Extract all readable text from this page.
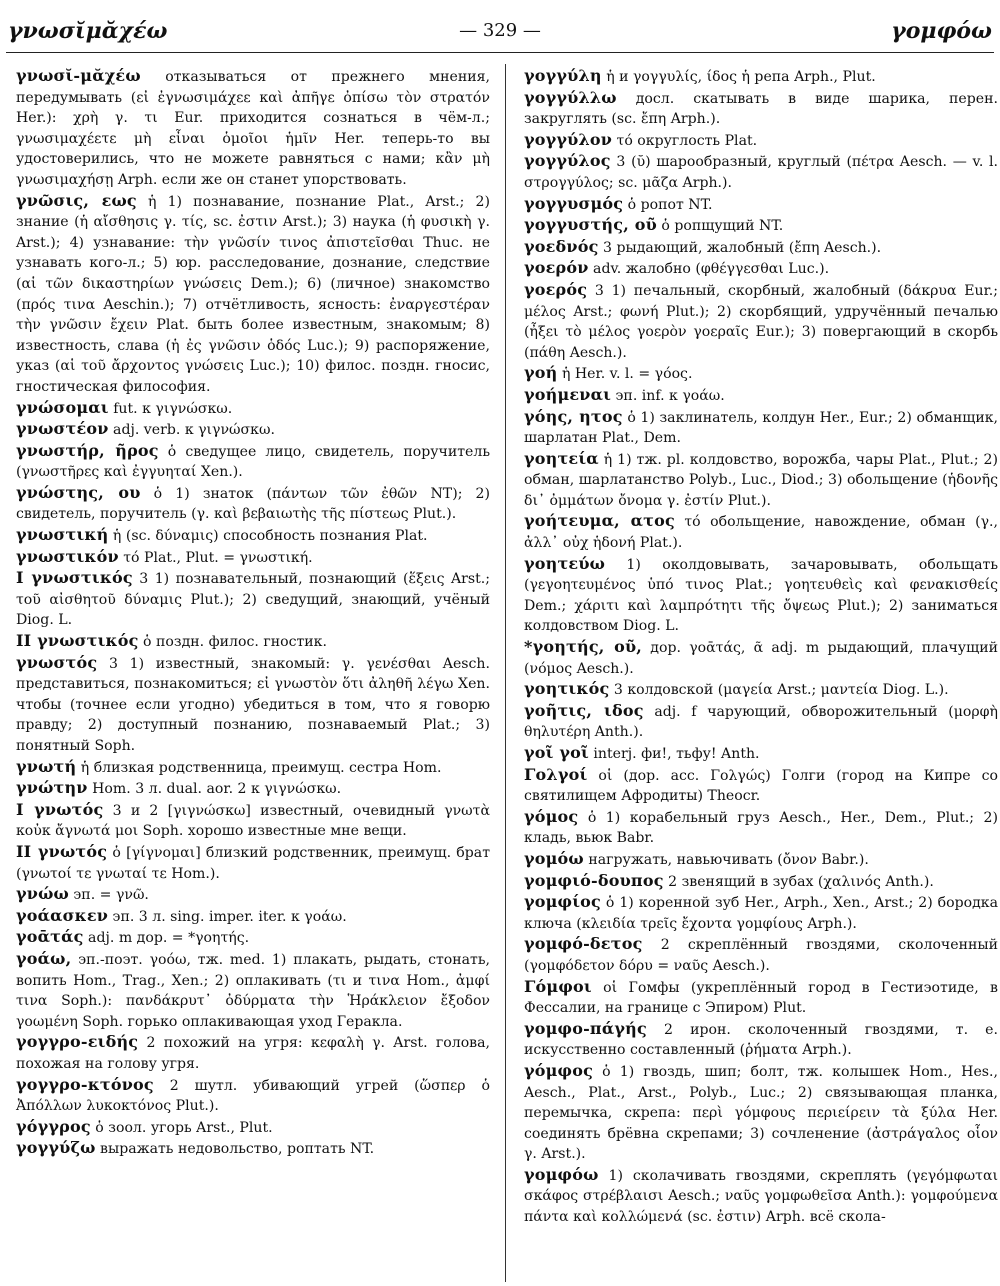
γνωσῐμᾰχέω	— 329 —	γομφόω

γνωσῐ-μᾰχέω отказываться от прежнего мнения, передумывать (εἰ ἐγνωσιμάχεε καὶ ἀπῆγε ὀπίσω τὸν στρατόν Her.): χρὴ γ. τι Eur. приходится сознаться в чём-л.; γνωσιμαχέετε μὴ εἶναι ὁμοῖοι ἡμῖν Her. теперь-то вы удостоверились, что не можете равняться с нами; κἂν μὴ γνωσιμαχήσῃ Arph. если же он станет упорствовать.

γνῶσις, εως ἡ 1) познавание, познание Plat., Arst.; 2) знание (ἡ αἴσθησις γ. τίς, sc. ἐστιν Arst.); 3) наука (ἡ φυσικὴ γ. Arst.); 4) узнавание: τὴν γνῶσίν τινος ἀπιστεῖσθαι Thuc. не узнавать кого-л.; 5) юр. расследование, дознание, следствие (αἱ τῶν δικαστηρίων γνώσεις Dem.); 6) (личное) знакомство (πρός τινα Aeschin.); 7) отчётливость, ясность: ἐναργεστέραν τὴν γνῶσιν ἔχειν Plat. быть более известным, знакомым; 8) известность, слава (ἡ ἐς γνῶσιν ὁδός Luc.); 9) распоряжение, указ (αἱ τοῦ ἄρχοντος γνώσεις Luc.); 10) филос. поздн. гносис, гностическая философия.

γνώσομαι fut. к γιγνώσκω.

γνωστέον adj. verb. к γιγνώσκω.

γνωστήρ, ῆρος ὁ сведущее лицо, свидетель, поручитель (γνωστῆρες καὶ ἐγγυηταί Xen.).

γνώστης, ου ὁ 1) знаток (πάντων τῶν ἐθῶν NT); 2) свидетель, поручитель (γ. καὶ βεβαιωτὴς τῆς πίστεως Plut.).

γνωστική ἡ (sc. δύναμις) способность познания Plat.

γνωστικόν τό Plat., Plut. = γνωστική.

I γνωστικός 3 1) познавательный, познающий (ἕξεις Arst.; τοῦ αἰσθητοῦ δύναμις Plut.); 2) сведущий, знающий, учёный Diog. L.

II γνωστικός ὁ поздн. филос. гностик.

γνωστός 3 1) известный, знакомый: γ. γενέσθαι Aesch. представиться, познакомиться; εἰ γνωστὸν ὅτι ἀληθῆ λέγω Xen. чтобы (точнее если угодно) убедиться в том, что я говорю правду; 2) доступный познанию, познаваемый Plat.; 3) понятный Soph.

γνωτή ἡ близкая родственница, преимущ. сестра Hom.

γνώτην Hom. 3 л. dual. aor. 2 к γιγνώσκω.

I γνωτός 3 и 2 [γιγνώσκω] известный, очевидный γνωτὰ κοὐκ ἄγνωτά μοι Soph. хорошо известные мне вещи.

II γνωτός ὁ [γίγνομαι] близкий родственник, преимущ. брат (γνωτοί τε γνωταί τε Hom.).

γνώω эп. = γνῶ.

γοάασκεν эп. 3 л. sing. imper. iter. к γοάω.

γοᾱτάς adj. m дор. = *γοητής.

γοάω, эп.-поэт. γοόω, тж. med. 1) плакать, рыдать, стонать, вопить Hom., Trag., Xen.; 2) оплакивать (τι и τινα Hom., ἀμφί τινα Soph.): πανδάκρυτ᾽ ὀδύρματα τὴν Ἡράκλειον ἔξοδον γοωμένη Soph. горько оплакивающая уход Геракла.

γογγρο-ειδής 2 похожий на угря: κεφαλὴ γ. Arst. голова, похожая на голову угря.

γογγρο-κτόνος 2 шутл. убивающий угрей (ὥσπερ ὁ Ἀπόλλων λυκοκτόνος Plut.).

γόγγρος ὁ зоол. угорь Arst., Plut.

γογγύζω выражать недовольство, роптать NT.

γογγύλη ἡ и γογγυλίς, ίδος ἡ репа Arph., Plut.

γογγύλλω досл. скатывать в виде шарика, перен. закруглять (sc. ἔπη Arph.).

γογγύλον τό округлость Plat.

γογγύλος 3 (ῠ) шарообразный, круглый (πέτρα Aesch. — v. l. στρογγύλος; sc. μᾶζα Arph.).

γογγυσμός ὁ ропот NT.

γογγυστής, οῦ ὁ ропщущий NT.

γοεδνός 3 рыдающий, жалобный (ἔπη Aesch.).

γοερόν adv. жалобно (φθέγγεσθαι Luc.).

γοερός 3 1) печальный, скорбный, жалобный (δάκρυα Eur.; μέλος Arst.; φωνή Plut.); 2) скорбящий, удручённый печалью (ἦξει τὸ μέλος γοερὸν γοεραῖς Eur.); 3) повергающий в скорбь (πάθη Aesch.).

γοή ἡ Her. v. l. = γόος.

γοήμεναι эп. inf. к γοάω.

γόης, ητος ὁ 1) заклинатель, колдун Her., Eur.; 2) обманщик, шарлатан Plat., Dem.

γοητεία ἡ 1) тж. pl. колдовство, ворожба, чары Plat., Plut.; 2) обман, шарлатанство Polyb., Luc., Diod.; 3) обольщение (ἡδονῆς δι᾽ ὀμμάτων ὄνομα γ. ἐστίν Plut.).

γοήτευμα, ατος τό обольщение, навождение, обман (γ., ἀλλ᾽ οὐχ ἡδονή Plat.).

γοητεύω 1) околдовывать, зачаровывать, обольщать (γεγοητευμένος ὑπό τινος Plat.; γοητευθεὶς καὶ φενακισθείς Dem.; χάριτι καὶ λαμπρότητι τῆς ὄψεως Plut.); 2) заниматься колдовством Diog. L.

*γοητής, οῦ, дор. γοᾱτάς, ᾶ adj. m рыдающий, плачущий (νόμος Aesch.).

γοητικός 3 колдовской (μαγεία Arst.; μαντεία Diog. L.).

γοῆτις, ιδος adj. f чарующий, обворожительный (μορφὴ θηλυτέρη Anth.).

γοῖ γοῖ interj. фи!, тьфу! Anth.

Γολγοί οἱ (дор. acc. Γολγώς) Голги (город на Кипре со святилищем Афродиты) Theocr.

γόμος ὁ 1) корабельный груз Aesch., Her., Dem., Plut.; 2) кладь, вьюк Babr.

γομόω нагружать, навьючивать (ὄνον Babr.).

γομφιό-δουπος 2 звенящий в зубах (χαλινός Anth.).

γομφίος ὁ 1) коренной зуб Her., Arph., Xen., Arst.; 2) бородка ключа (κλειδία τρεῖς ἔχοντα γομφίους Arph.).

γομφό-δετος 2 скреплённый гвоздями, сколоченный (γομφόδετον δόρυ = ναῦς Aesch.).

Γόμφοι οἱ Гомфы (укреплённый город в Гестиэотиде, в Фессалии, на границе с Эпиром) Plut.

γομφο-πάγής 2 ирон. сколоченный гвоздями, т. е. искусственно составленный (ῥήματα Arph.).

γόμφος ὁ 1) гвоздь, шип; болт, тж. колышек Hom., Hes., Aesch., Plat., Arst., Polyb., Luc.; 2) связывающая планка, перемычка, скрепа: περὶ γόμφους περιείρειν τὰ ξύλα Her. соединять брёвна скрепами; 3) сочленение (ἀστράγαλος οἷον γ. Arst.).

γομφόω 1) сколачивать гвоздями, скреплять (γεγόμφωται σκάφος στρέβλαισι Aesch.; ναῦς γομφωθεῖσα Anth.): γομφούμενα πάντα καὶ κολλώμενά (sc. ἐστιν) Arph. всё скола-
